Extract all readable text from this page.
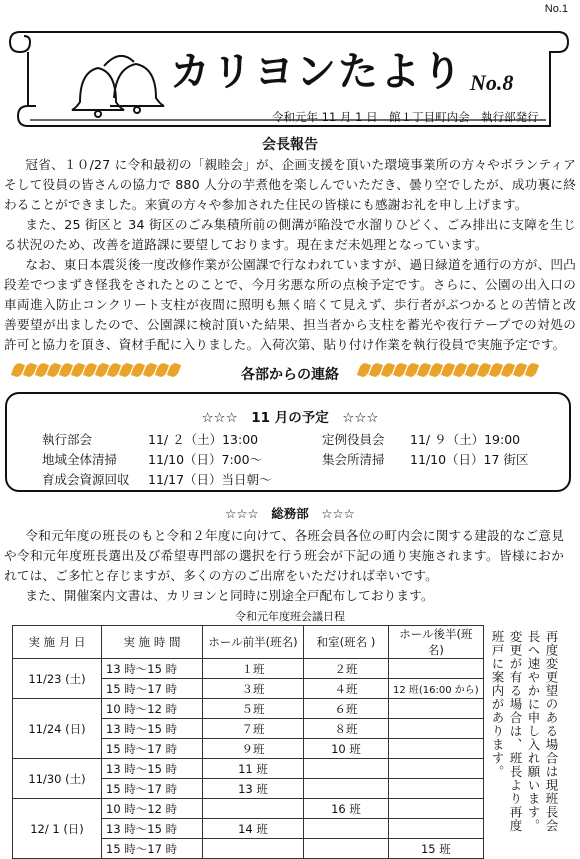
No.1
カリヨンたより No.8
令和元年 11 月 1 日　館１丁目町内会　執行部発行
会長報告
冠省、１０/27 に令和最初の「親睦会」が、企画支援を頂いた環境事業所の方々やボランティアそして役員の皆さんの協力で 880 人分の芋煮他を楽しんでいただき、曇り空でしたが、成功裏に終わることができました。来賓の方々や参加された住民の皆様にも感謝お礼を申し上げます。
また、25 街区と 34 街区のごみ集積所前の側溝が陥没で水溜りひどく、ごみ排出に支障を生じる状況のため、改善を道路課に要望しております。現在まだ未処理となっています。
なお、東日本震災後一度改修作業が公園課で行なわれていますが、過日緑道を通行の方が、凹凸段差でつまずき怪我をされたとのことで、今月劣悪な所の点検予定です。さらに、公園の出入口の車両進入防止コンクリート支柱が夜間に照明も無く暗くて見えず、歩行者がぶつかるとの苦情と改善要望が出ましたので、公園課に検討頂いた結果、担当者から支柱を蓄光や夜行テープでの対処の許可と協力を頂き、資材手配に入りました。入荷次第、貼り付け作業を執行役員で実施予定です。
各部からの連絡
☆☆☆　11 月の予定　☆☆☆
執行部会	11/ ２（土）13:00	定例役員会 11/ ９（土）19:00
地域全体清掃 11/10（日）7:00～	集会所清掃 11/10（日）17 街区
育成会資源回収 11/17（日）当日朝～
☆☆☆　総務部　☆☆☆
令和元年度の班長のもと令和２年度に向けて、各班会員各位の町内会に関する建設的なご意見や令和元年度班長選出及び希望専門部の選択を行う班会が下記の通り実施されます。皆様におかれては、ご多忙と存じますが、多くの方のご出席をいただければ幸いです。
また、開催案内文書は、カリヨンと同時に別途全戸配布しております。
令和元年度班会議日程
実 施 月 日	実 施 時 間	ホール前半(班名)	和室(班名 )	ホール後半(班名)
11/23 (土)	13 時～15 時	１班	２班	
	15 時～17 時	３班	４班	12 班(16:00 から)
11/24 (日)	10 時～12 時	５班	６班	
	13 時～15 時	７班	８班	
	15 時～17 時	９班	10 班	
11/30 (土)	13 時～15 時	11 班		
	15 時～17 時	13 班		
12/ 1 (日)	10 時～12 時		16 班	
	13 時～15 時	14 班		
	15 時～17 時			15 班
再度変更望のある場合は現班長会長へ速やかに申し入れ願います。変更が有る場合は、班長より再度班戸に案内があります。
